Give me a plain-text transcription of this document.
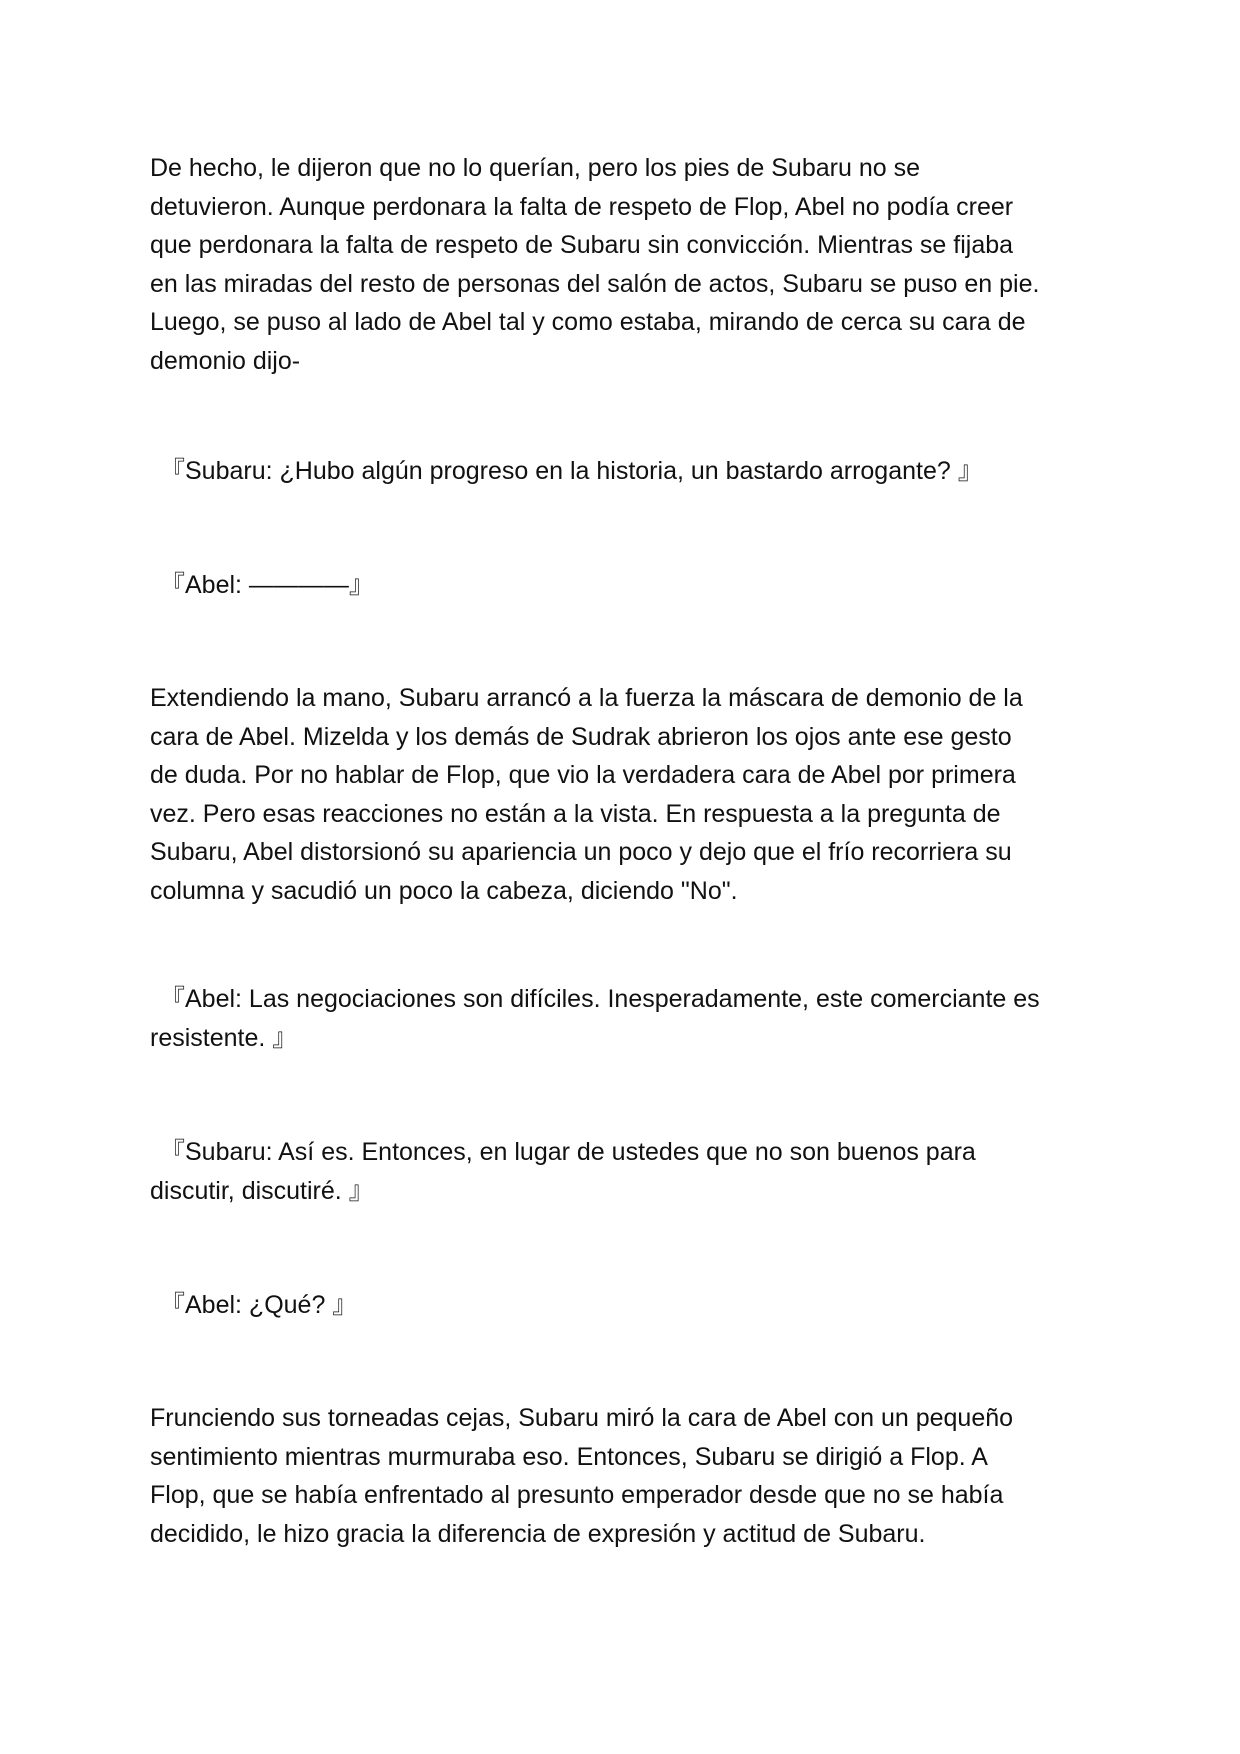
De hecho, le dijeron que no lo querían, pero los pies de Subaru no se
detuvieron. Aunque perdonara la falta de respeto de Flop, Abel no podía creer
que perdonara la falta de respeto de Subaru sin convicción. Mientras se fijaba
en las miradas del resto de personas del salón de actos, Subaru se puso en pie.
Luego, se puso al lado de Abel tal y como estaba, mirando de cerca su cara de
demonio dijo-

『Subaru: ¿Hubo algún progreso en la historia, un bastardo arrogante? 』

『Abel: ————』

Extendiendo la mano, Subaru arrancó a la fuerza la máscara de demonio de la
cara de Abel. Mizelda y los demás de Sudrak abrieron los ojos ante ese gesto
de duda. Por no hablar de Flop, que vio la verdadera cara de Abel por primera
vez. Pero esas reacciones no están a la vista. En respuesta a la pregunta de
Subaru, Abel distorsionó su apariencia un poco y dejo que el frío recorriera su
columna y sacudió un poco la cabeza, diciendo "No".

『Abel: Las negociaciones son difíciles. Inesperadamente, este comerciante es
resistente. 』

『Subaru: Así es. Entonces, en lugar de ustedes que no son buenos para
discutir, discutiré. 』

『Abel: ¿Qué? 』

Frunciendo sus torneadas cejas, Subaru miró la cara de Abel con un pequeño
sentimiento mientras murmuraba eso. Entonces, Subaru se dirigió a Flop. A
Flop, que se había enfrentado al presunto emperador desde que no se había
decidido, le hizo gracia la diferencia de expresión y actitud de Subaru.
